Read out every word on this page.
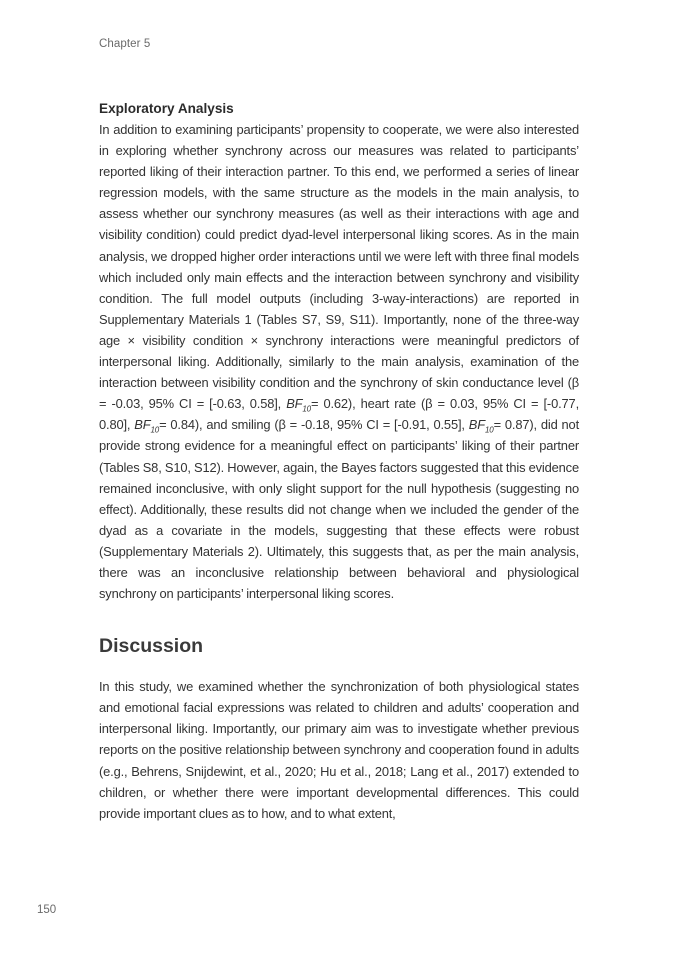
Chapter 5
Exploratory Analysis

In addition to examining participants’ propensity to cooperate, we were also interested in exploring whether synchrony across our measures was related to participants’ reported liking of their interaction partner. To this end, we performed a series of linear regression models, with the same structure as the models in the main analysis, to assess whether our synchrony measures (as well as their interactions with age and visibility condition) could predict dyad-level interpersonal liking scores. As in the main analysis, we dropped higher order interactions until we were left with three final models which included only main effects and the interaction between synchrony and visibility condition. The full model outputs (including 3-way-interactions) are reported in Supplementary Materials 1 (Tables S7, S9, S11). Importantly, none of the three-way age × visibility condition × synchrony interactions were meaningful predictors of interpersonal liking. Additionally, similarly to the main analysis, examination of the interaction between visibility condition and the synchrony of skin conductance level (β = -0.03, 95% CI = [-0.63, 0.58], $BF_{10}= 0.62$), heart rate (β = 0.03, 95% CI = [-0.77, 0.80], $BF_{10}= 0.84$), and smiling (β = -0.18, 95% CI = [-0.91, 0.55], $BF_{10}= 0.87$), did not provide strong evidence for a meaningful effect on participants’ liking of their partner (Tables S8, S10, S12). However, again, the Bayes factors suggested that this evidence remained inconclusive, with only slight support for the null hypothesis (suggesting no effect). Additionally, these results did not change when we included the gender of the dyad as a covariate in the models, suggesting that these effects were robust (Supplementary Materials 2). Ultimately, this suggests that, as per the main analysis, there was an inconclusive relationship between behavioral and physiological synchrony on participants’ interpersonal liking scores.

Discussion

In this study, we examined whether the synchronization of both physiological states and emotional facial expressions was related to children and adults’ cooperation and interpersonal liking. Importantly, our primary aim was to investigate whether previous reports on the positive relationship between synchrony and cooperation found in adults (e.g., Behrens, Snijdewint, et al., 2020; Hu et al., 2018; Lang et al., 2017) extended to children, or whether there were important developmental differences. This could provide important clues as to how, and to what extent,

150
